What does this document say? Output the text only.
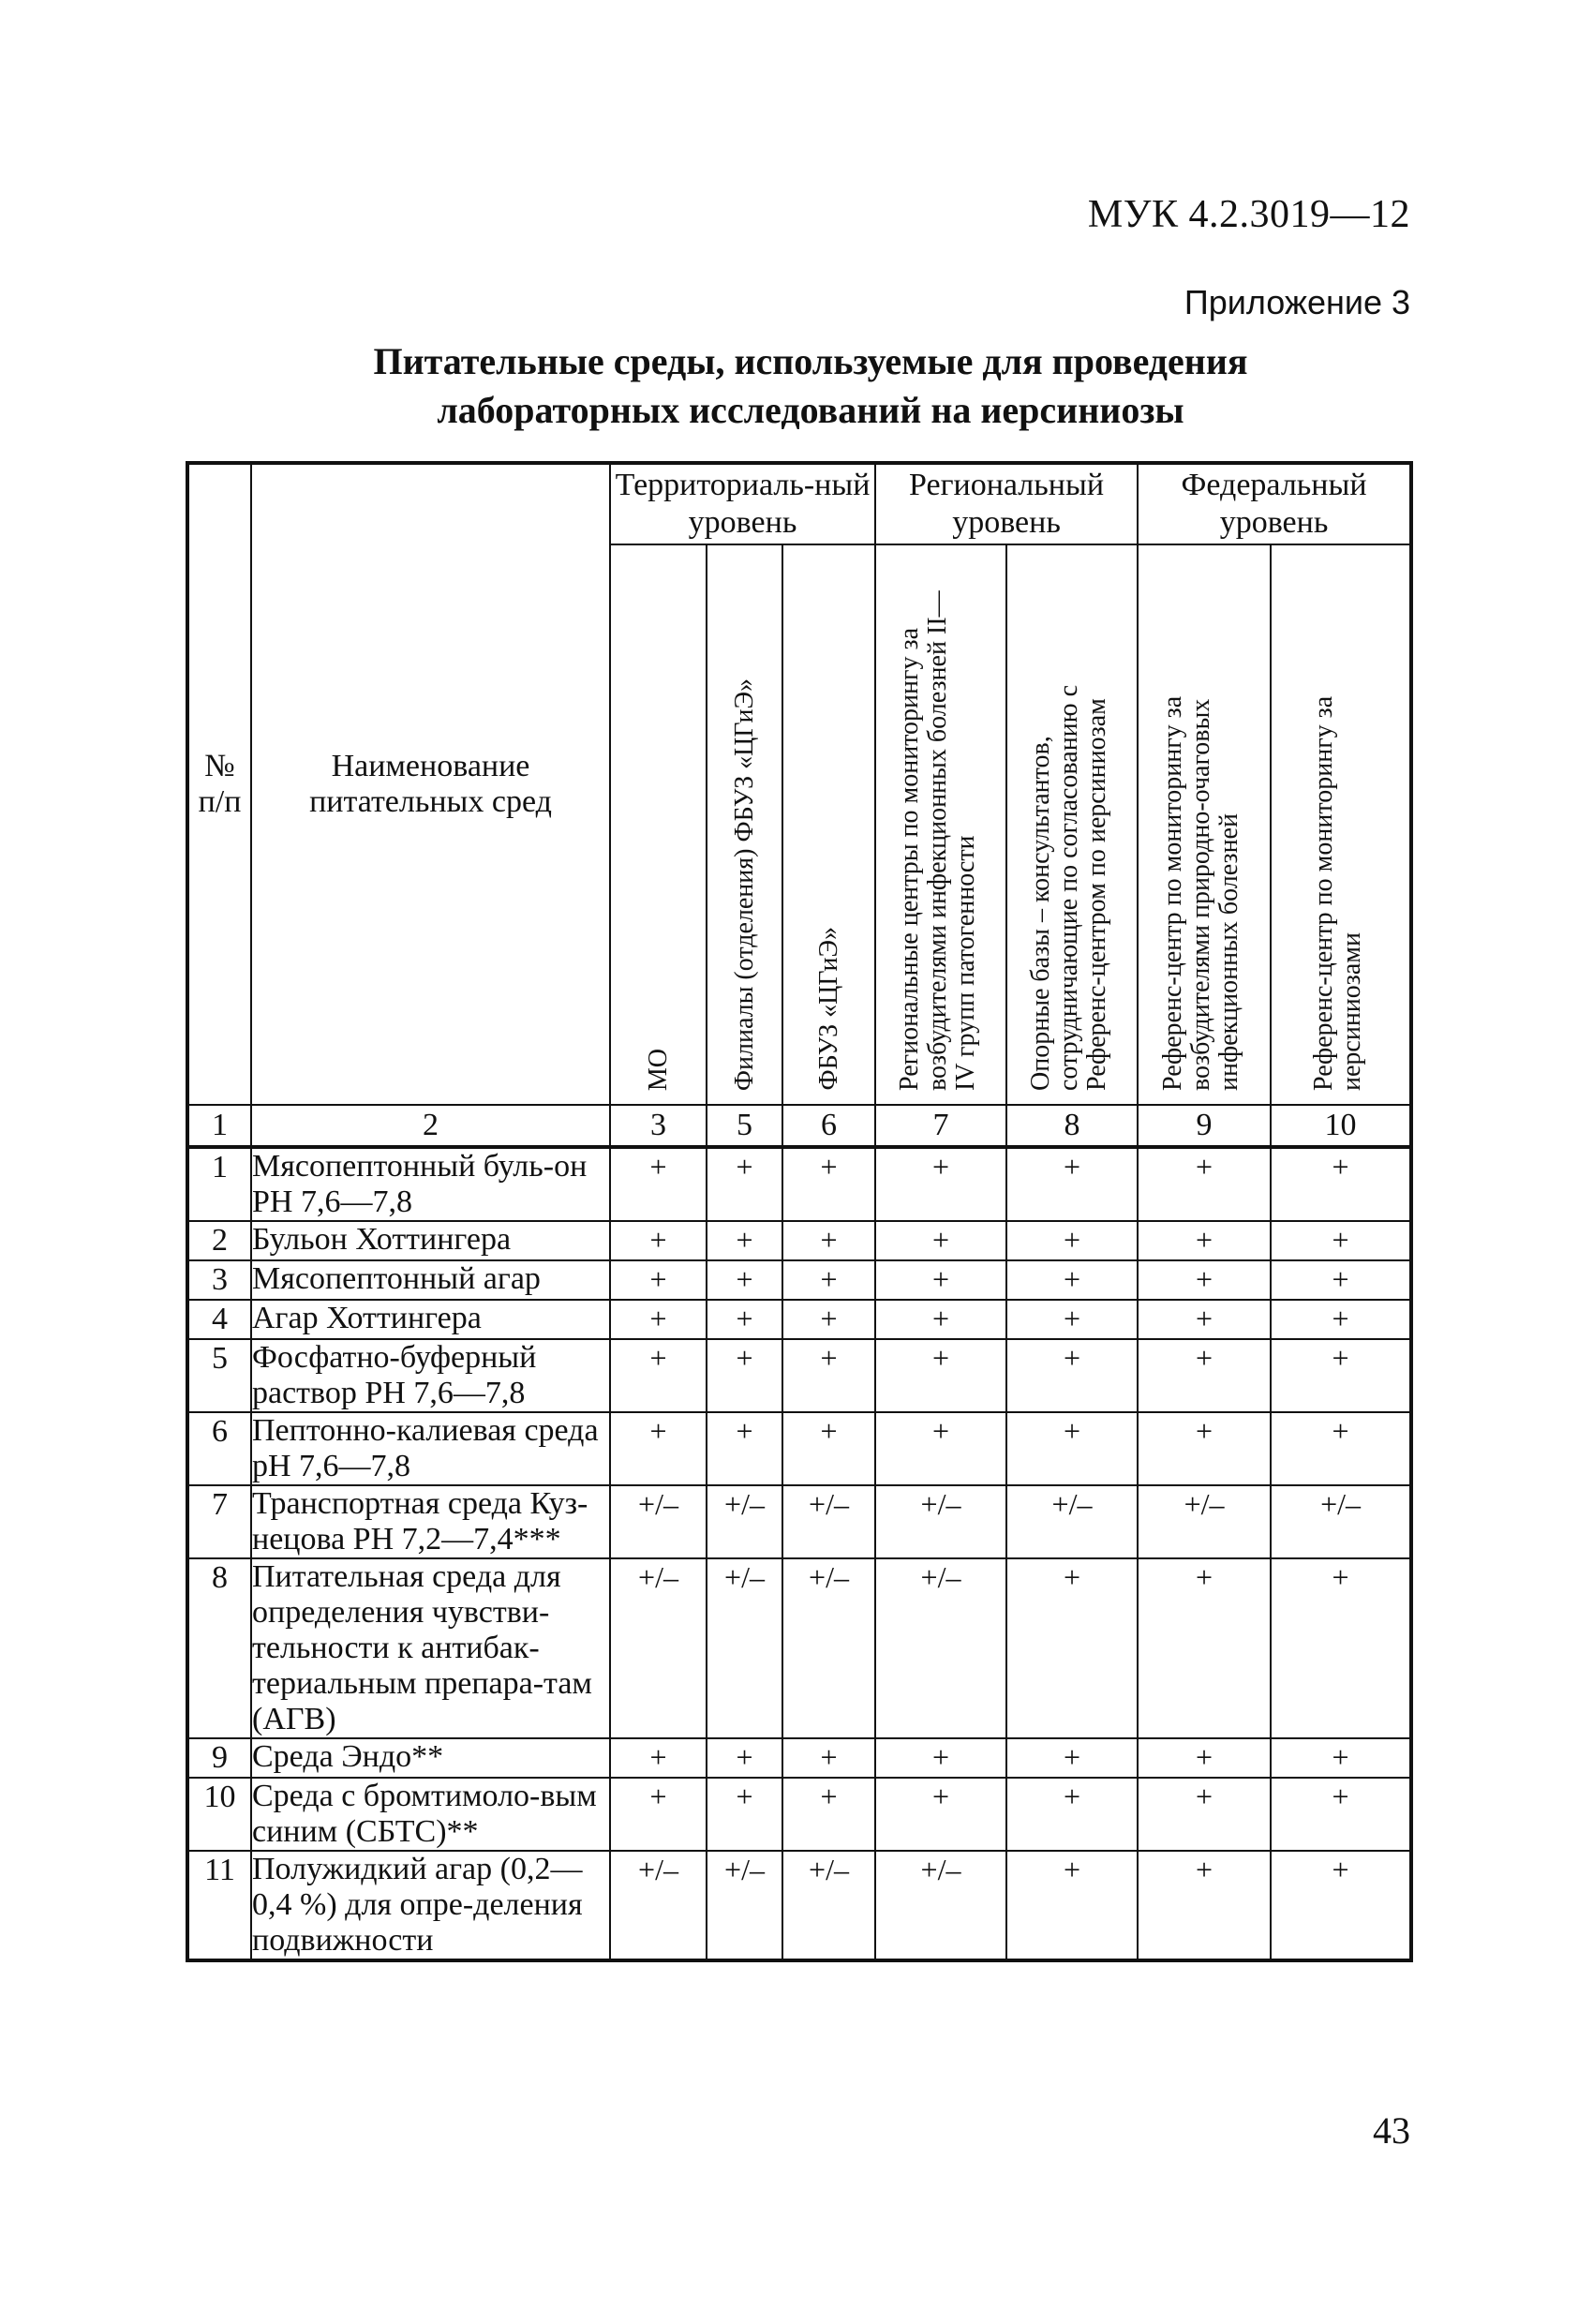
МУК 4.2.3019—12
Приложение 3
Питательные среды, используемые для проведения
лабораторных исследований на иерсиниозы
№ п/п	Наименование питательных сред	Территориаль-ный уровень			Региональный уровень		Федеральный уровень	

		МО	Филиалы (отделения) ФБУЗ «ЦГиЭ»	ФБУЗ «ЦГиЭ»	Региональные центры по мониторингу за возбудителями инфекционных болезней II—IV групп патогенности	Опорные базы – консультантов, сотрудничающие по согласованию с Референс-центром по иерсиниозам	Референс-центр по мониторингу за возбудителями природно-очаговых инфекционных болезней	Референс-центр по мониторингу за иерсиниозами

1	2	3	5	6	7	8	9	10
1	Мясопептонный буль-он РН 7,6—7,8	+	+	+	+	+	+	+
2	Бульон Хоттингера	+	+	+	+	+	+	+
3	Мясопептонный агар	+	+	+	+	+	+	+
4	Агар Хоттингера	+	+	+	+	+	+	+
5	Фосфатно-буферный раствор РН 7,6—7,8	+	+	+	+	+	+	+
6	Пептонно-калиевая среда рН 7,6—7,8	+	+	+	+	+	+	+
7	Транспортная среда Куз-нецова РН 7,2—7,4***	+/–	+/–	+/–	+/–	+/–	+/–	+/–
8	Питательная среда для определения чувстви-тельности к антибак-териальным препара-там (АГВ)	+/–	+/–	+/–	+/–	+	+	+
9	Среда Эндо**	+	+	+	+	+	+	+
10	Среда с бромтимоло-вым синим (СБТС)**	+	+	+	+	+	+	+
11	Полужидкий агар (0,2—0,4 %) для опре-деления подвижности	+/–	+/–	+/–	+/–	+	+	+
43
